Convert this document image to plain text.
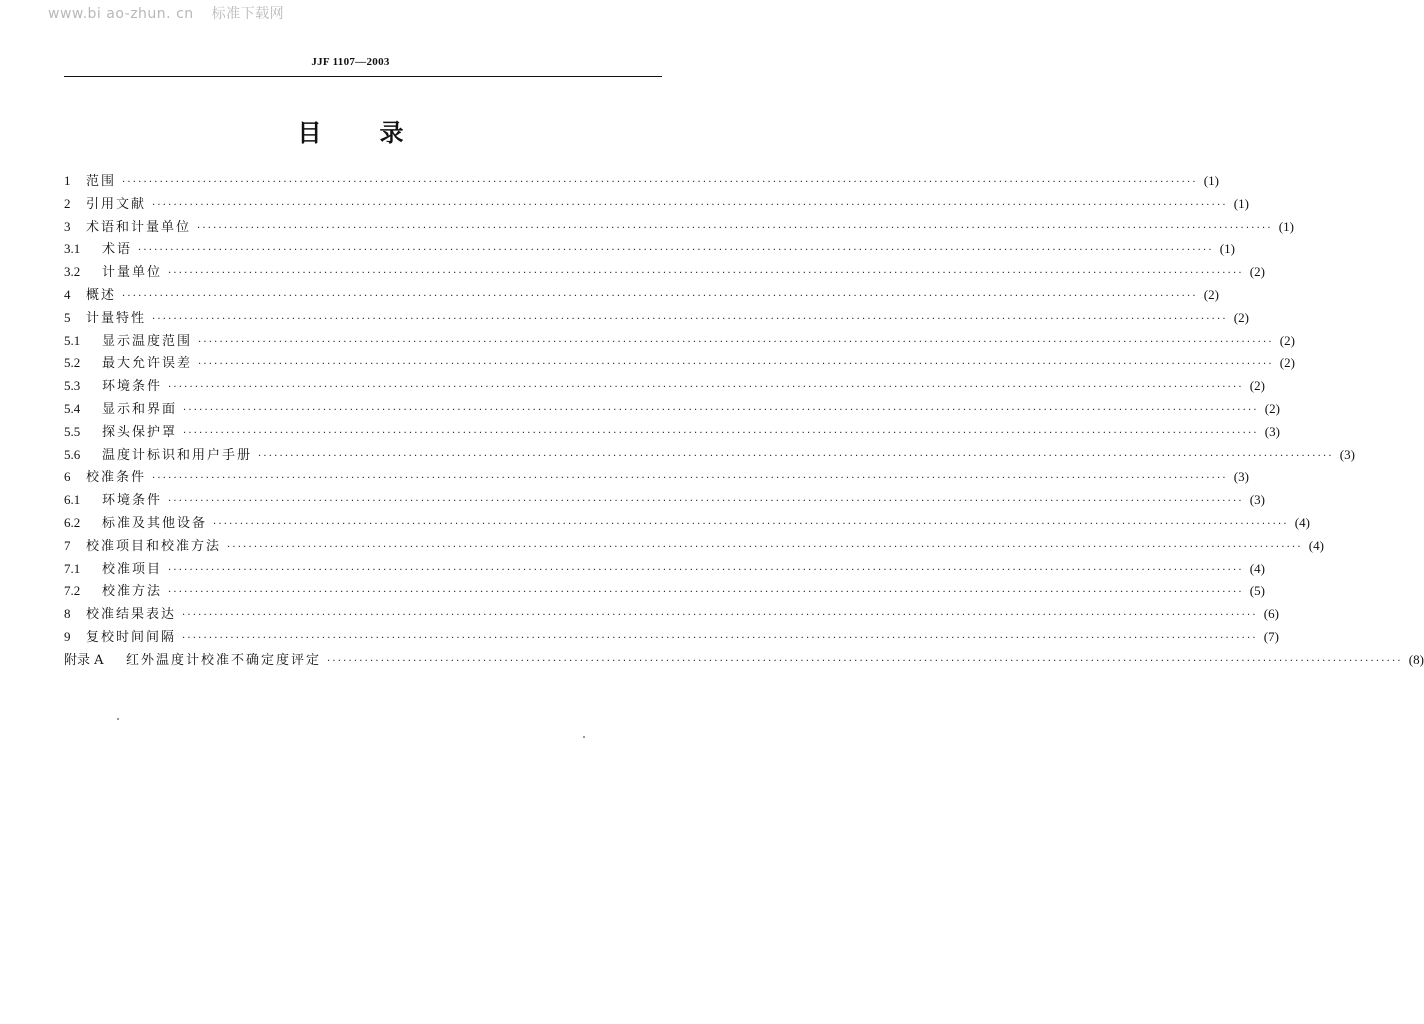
www.bi ao-zhun. cn 标准下载网
JJF 1107—2003
目录
1	范围 ········································································································································································································ (1)
2	引用文献 ········································································································································································································ (1)
3	术语和计量单位 ········································································································································································································ (1)
3.1	术语 ········································································································································································································ (1)
3.2	计量单位 ········································································································································································································ (2)
4	概述 ········································································································································································································ (2)
5	计量特性 ········································································································································································································ (2)
5.1	显示温度范围 ········································································································································································································ (2)
5.2	最大允许误差 ········································································································································································································ (2)
5.3	环境条件 ········································································································································································································ (2)
5.4	显示和界面 ········································································································································································································ (2)
5.5	探头保护罩 ········································································································································································································ (3)
5.6	温度计标识和用户手册 ········································································································································································································ (3)
6	校准条件 ········································································································································································································ (3)
6.1	环境条件 ········································································································································································································ (3)
6.2	标准及其他设备 ········································································································································································································ (4)
7	校准项目和校准方法 ········································································································································································································ (4)
7.1	校准项目 ········································································································································································································ (4)
7.2	校准方法 ········································································································································································································ (5)
8	校准结果表达 ········································································································································································································ (6)
9	复校时间间隔 ········································································································································································································ (7)
附录 A	红外温度计校准不确定度评定 ········································································································································································································ (8)
